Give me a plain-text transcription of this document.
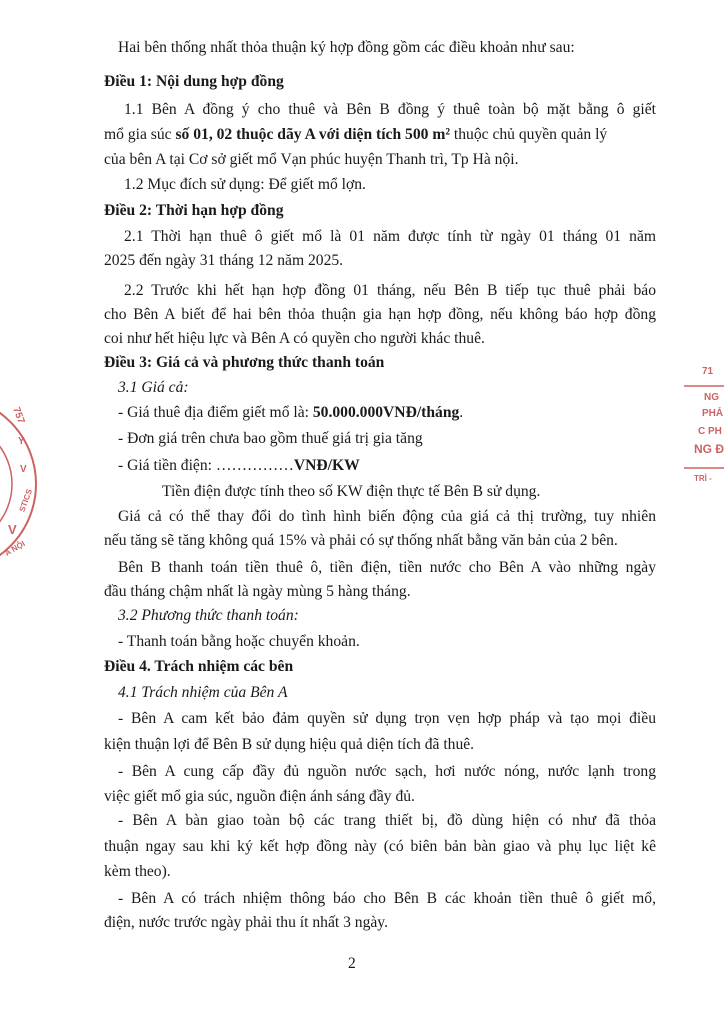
Hai bên thống nhất thỏa thuận ký hợp đồng gồm các điều khoản như sau:
Điều 1: Nội dung hợp đồng
1.1 Bên A đồng ý cho thuê và Bên B đồng ý thuê toàn bộ mặt bằng ô giết
mổ gia súc số 01, 02 thuộc dãy A với diện tích 500 m² thuộc chủ quyền quản lý
của bên A tại Cơ sở giết mổ Vạn phúc huyện Thanh trì, Tp Hà nội.
1.2 Mục đích sử dụng: Để giết mổ lợn.
Điều 2: Thời hạn hợp đồng
2.1 Thời hạn thuê ô giết mổ là 01 năm được tính từ ngày 01 tháng 01 năm
2025 đến ngày 31 tháng 12 năm 2025.
2.2 Trước khi hết hạn hợp đồng 01 tháng, nếu Bên B tiếp tục thuê phải báo
cho Bên A biết để hai bên thỏa thuận gia hạn hợp đồng, nếu không báo hợp đồng
coi như hết hiệu lực và Bên A có quyền cho người khác thuê.
Điều 3: Giá cả và phương thức thanh toán
3.1 Giá cả:
- Giá thuê địa điểm giết mổ là: 50.000.000VNĐ/tháng.
- Đơn giá trên chưa bao gồm thuế giá trị gia tăng
- Giá tiền điện: ……………VNĐ/KW
Tiền điện được tính theo số KW điện thực tế Bên B sử dụng.
Giá cả có thể thay đổi do tình hình biến động của giá cả thị trường, tuy nhiên
nếu tăng sẽ tăng không quá 15% và phải có sự thống nhất bằng văn bản của 2 bên.
Bên B thanh toán tiền thuê ô, tiền điện, tiền nước cho Bên A vào những ngày
đầu tháng chậm nhất là ngày mùng 5 hàng tháng.
3.2 Phương thức thanh toán:
- Thanh toán bằng hoặc chuyển khoản.
Điều 4. Trách nhiệm các bên
4.1 Trách nhiệm của Bên A
- Bên A cam kết bảo đảm quyền sử dụng trọn vẹn hợp pháp và tạo mọi điều
kiện thuận lợi để Bên B sử dụng hiệu quả diện tích đã thuê.
- Bên A cung cấp đầy đủ nguồn nước sạch, hơi nước nóng, nước lạnh trong
việc giết mổ gia súc, nguồn điện ánh sáng đầy đủ.
- Bên A bàn giao toàn bộ các trang thiết bị, đồ dùng hiện có như đã thỏa
thuận ngay sau khi ký kết hợp đồng này (có biên bản bàn giao và phụ lục liệt kê
kèm theo).
- Bên A có trách nhiệm thông báo cho Bên B các khoản tiền thuê ô giết mổ,
điện, nước trước ngày phải thu ít nhất 3 ngày.
2
757
Y
V
STICS
V
A NỘI
71
NG
PHẢ
C PH
NG Đ
TRÌ -
